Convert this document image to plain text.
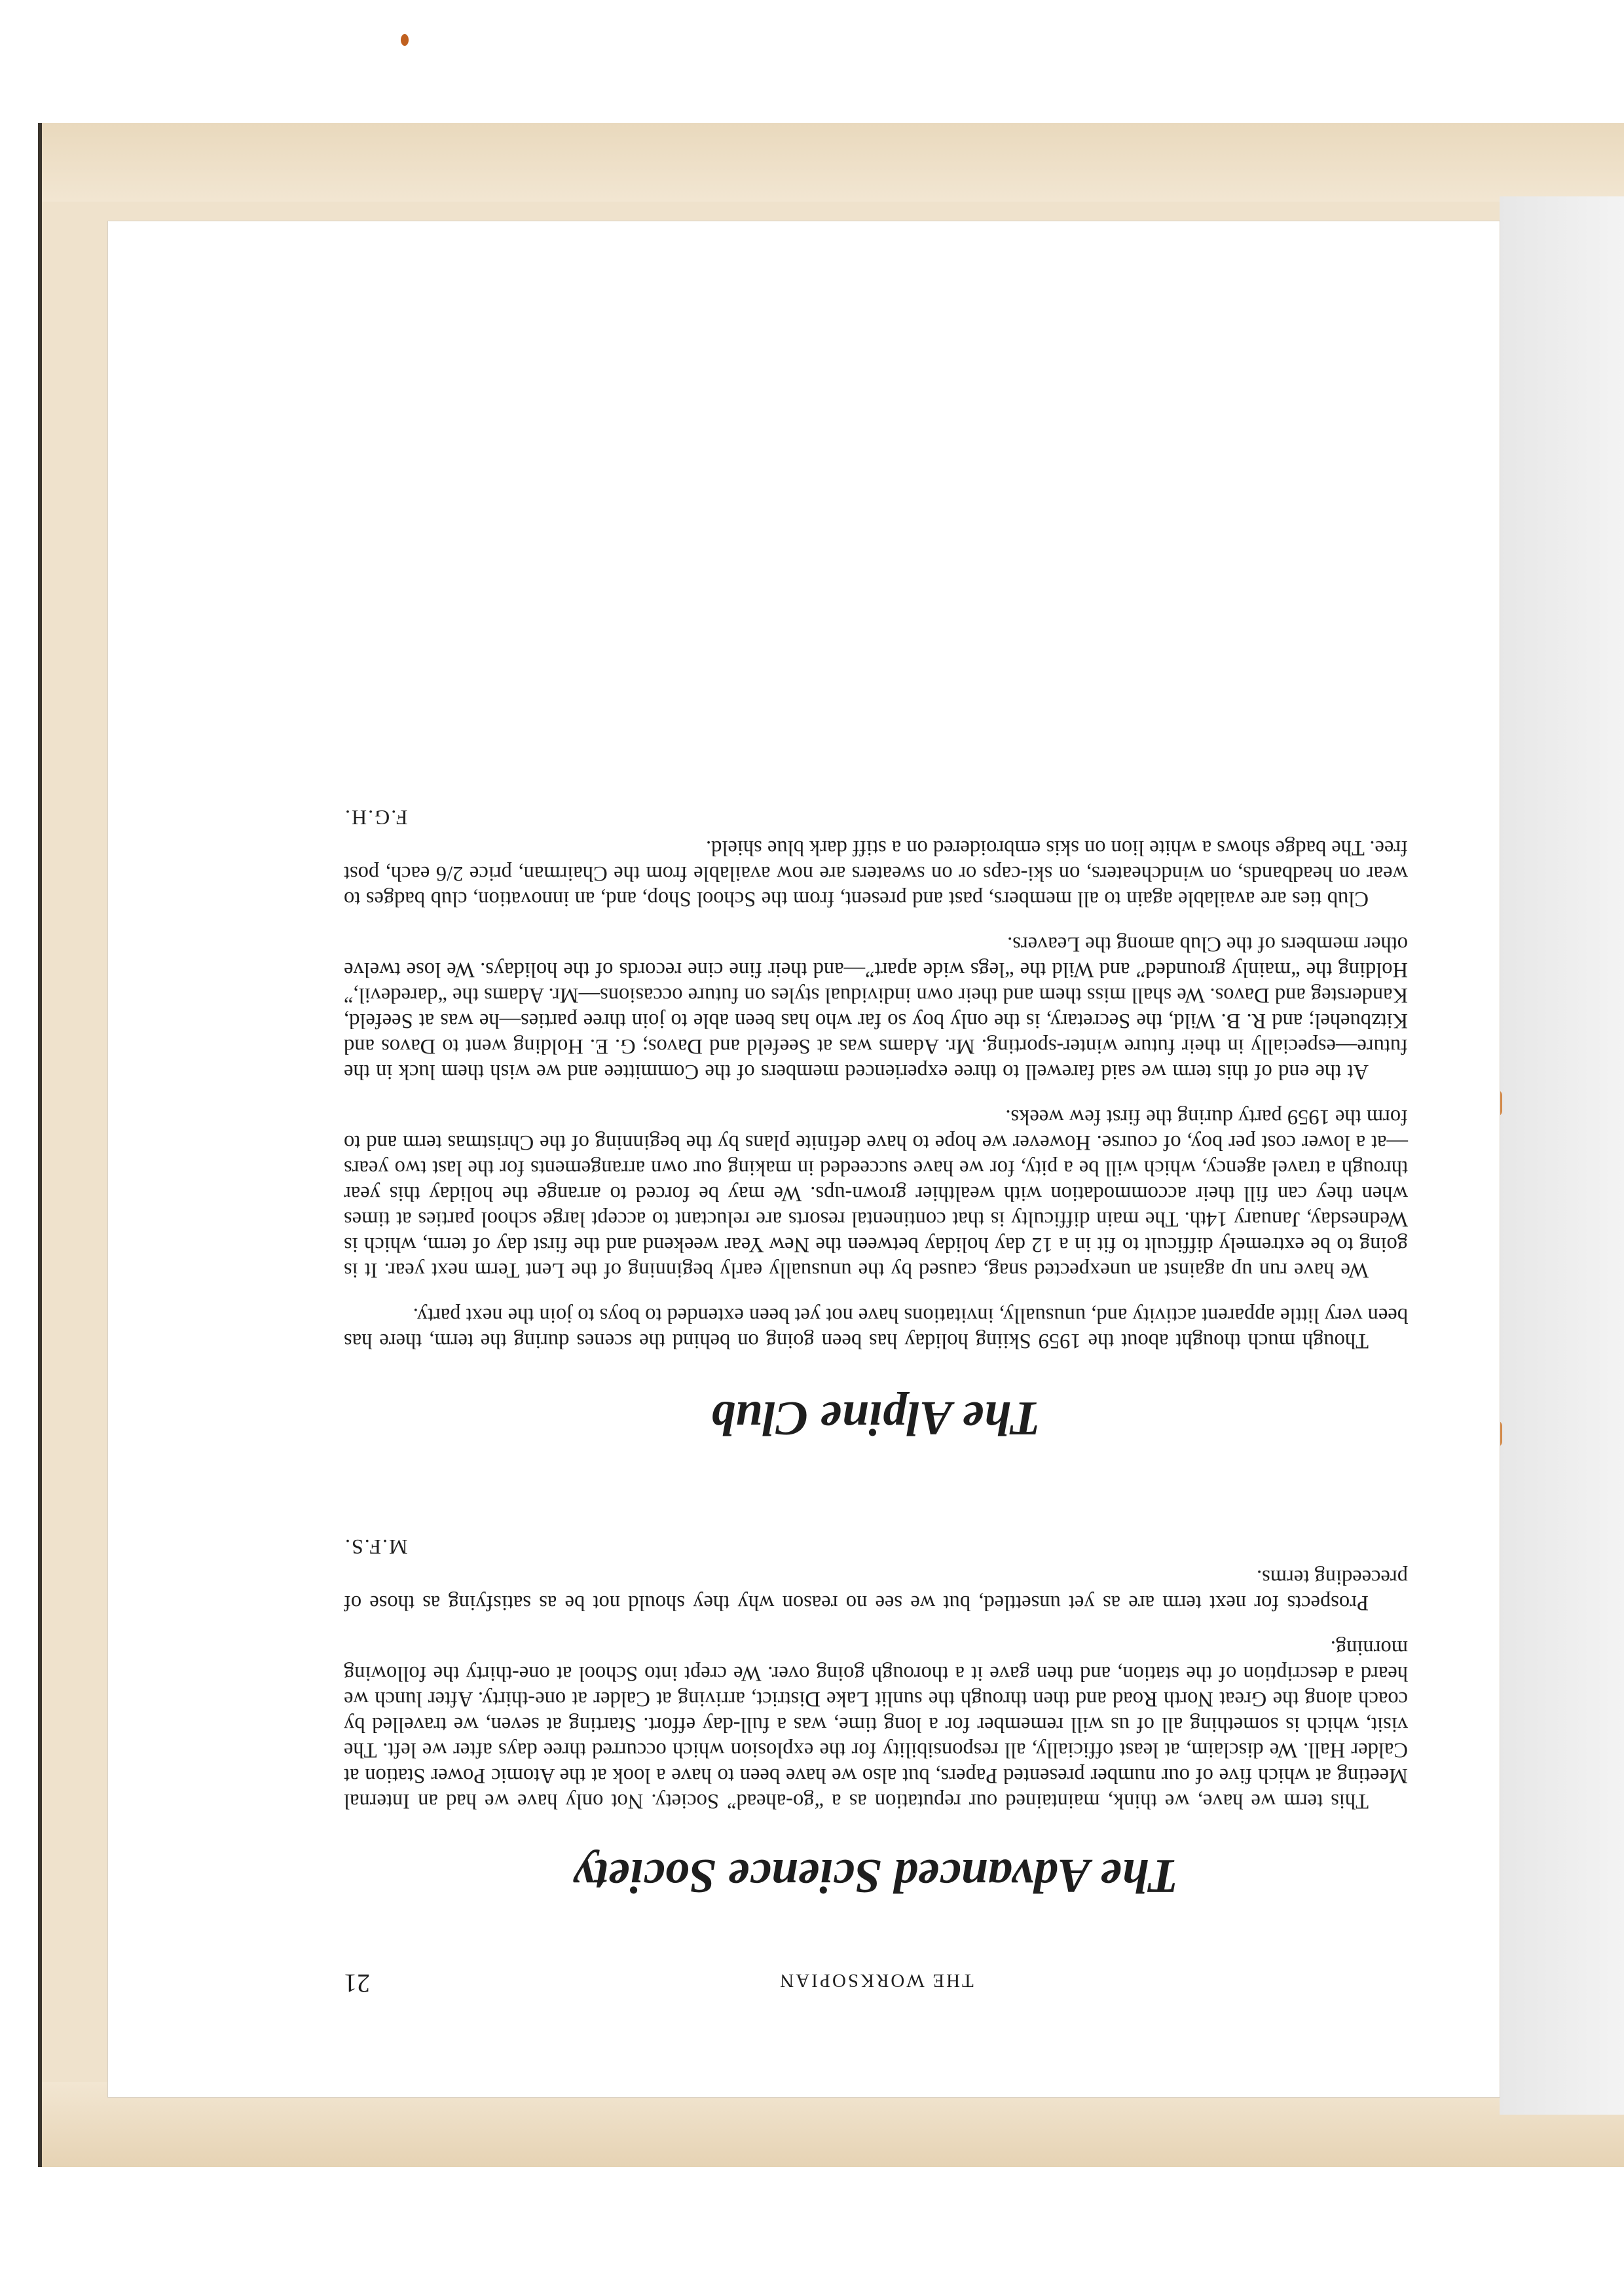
THE WORKSOPIAN
21
The Advanced Science Society

This term we have, we think, maintained our reputation as a “go-ahead” Society. Not only have we had an Internal Meeting at which five of our number presented Papers, but also we have been to have a look at the Atomic Power Station at Calder Hall. We disclaim, at least officially, all responsibility for the explosion which occurred three days after we left. The visit, which is something all of us will remember for a long time, was a full-day effort. Starting at seven, we travelled by coach along the Great North Road and then through the sunlit Lake District, arriving at Calder at one-thirty. After lunch we heard a description of the station, and then gave it a thorough going over. We crept into School at one-thirty the following morning.

Prospects for next term are as yet unsettled, but we see no reason why they should not be as satisfying as those of preceeding terms.

M.F.S.

The Alpine Club

Though much thought about the 1959 Skiing holiday has been going on behind the scenes during the term, there has been very little apparent activity and, unusually, invitations have not yet been extended to boys to join the next party.

We have run up against an unexpected snag, caused by the unusually early beginning of the Lent Term next year. It is going to be extremely difficult to fit in a 12 day holiday between the New Year weekend and the first day of term, which is Wednesday, January 14th. The main difficulty is that continental resorts are reluctant to accept large school parties at times when they can fill their accommodation with wealthier grown-ups. We may be forced to arrange the holiday this year through a travel agency, which will be a pity, for we have succeeded in making our own arrangements for the last two years—at a lower cost per boy, of course. However we hope to have definite plans by the beginning of the Christmas term and to form the 1959 party during the first few weeks.

At the end of this term we said farewell to three experienced members of the Committee and we wish them luck in the future—especially in their future winter-sporting. Mr. Adams was at Seefeld and Davos; G. E. Holding went to Davos and Kitzbuehel; and R. B. Wild, the Secretary, is the only boy so far who has been able to join three parties—he was at Seefeld, Kandersteg and Davos. We shall miss them and their own individual styles on future occasions—Mr. Adams the “daredevil,” Holding the “mainly grounded” and Wild the “legs wide apart”—and their fine cine records of the holidays. We lose twelve other members of the Club among the Leavers.

Club ties are available again to all members, past and present, from the School Shop, and, an innovation, club badges to wear on headbands, on windcheaters, on ski-caps or on sweaters are now available from the Chairman, price 2/6 each, post free. The badge shows a white lion on skis embroidered on a stiff dark blue shield.

F.G.H.
